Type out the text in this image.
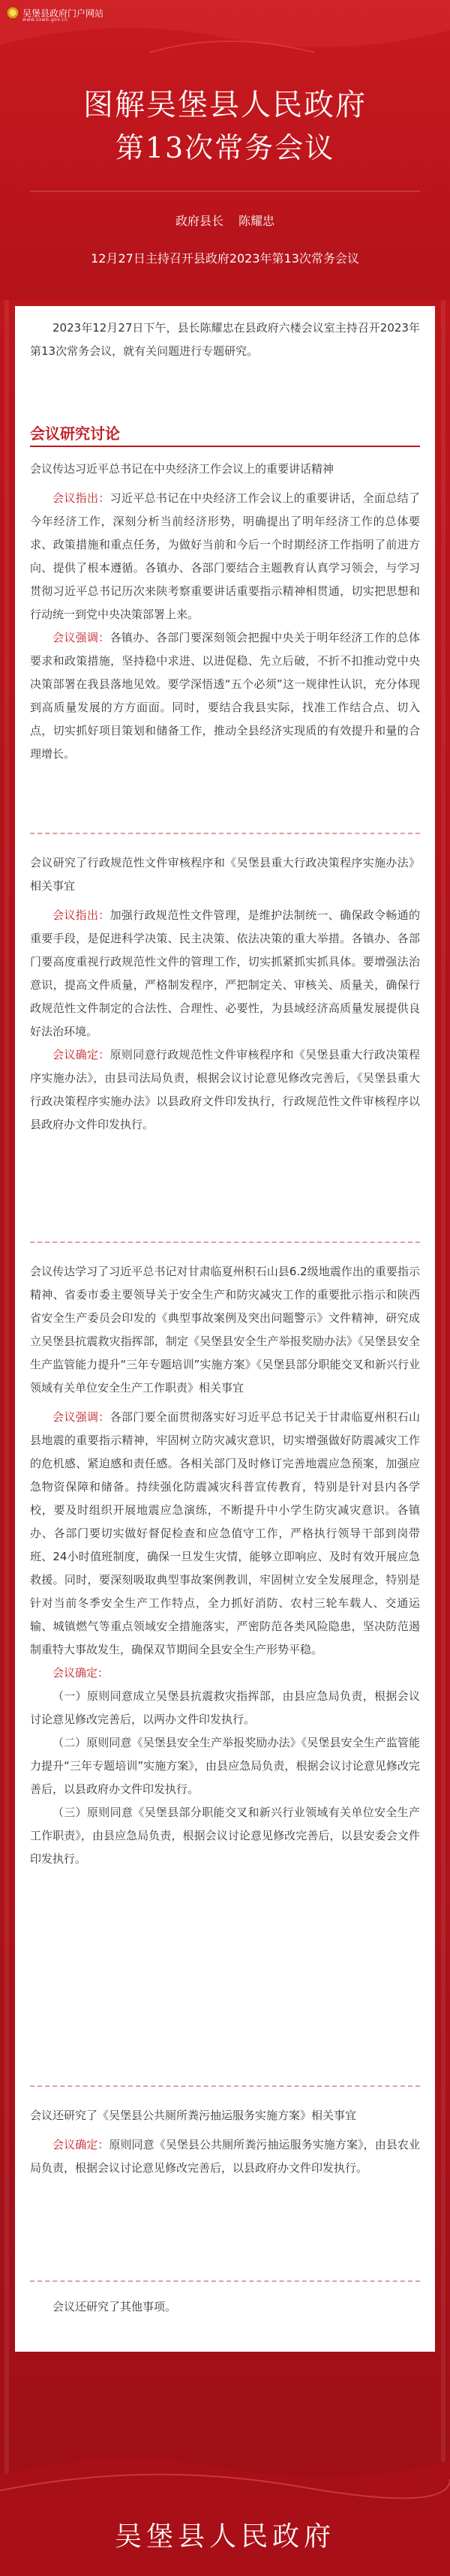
吴堡县政府门户网站
www.sxwb.gov.cn
图解吴堡县人民政府
第13次常务会议
政府县长 陈耀忠
12月27日主持召开县政府2023年第13次常务会议

2023年12月27日下午，县长陈耀忠在县政府六楼会议室主持召开2023年第13次常务会议，就有关问题进行专题研究。

会议研究讨论

会议传达习近平总书记在中央经济工作会议上的重要讲话精神

会议指出：习近平总书记在中央经济工作会议上的重要讲话，全面总结了今年经济工作，深刻分析当前经济形势，明确提出了明年经济工作的总体要求、政策措施和重点任务，为做好当前和今后一个时期经济工作指明了前进方向、提供了根本遵循。各镇办、各部门要结合主题教育认真学习领会，与学习贯彻习近平总书记历次来陕考察重要讲话重要指示精神相贯通，切实把思想和行动统一到党中央决策部署上来。

会议强调：各镇办、各部门要深刻领会把握中央关于明年经济工作的总体要求和政策措施，坚持稳中求进、以进促稳、先立后破，不折不扣推动党中央决策部署在我县落地见效。要学深悟透“五个必须”这一规律性认识，充分体现到高质量发展的方方面面。同时，要结合我县实际，找准工作结合点、切入点，切实抓好项目策划和储备工作，推动全县经济实现质的有效提升和量的合理增长。

会议研究了行政规范性文件审核程序和《吴堡县重大行政决策程序实施办法》相关事宜

会议指出：加强行政规范性文件管理，是维护法制统一、确保政令畅通的重要手段，是促进科学决策、民主决策、依法决策的重大举措。各镇办、各部门要高度重视行政规范性文件的管理工作，切实抓紧抓实抓具体。要增强法治意识，提高文件质量，严格制发程序，严把制定关、审核关、质量关，确保行政规范性文件制定的合法性、合理性、必要性，为县域经济高质量发展提供良好法治环境。

会议确定：原则同意行政规范性文件审核程序和《吴堡县重大行政决策程序实施办法》，由县司法局负责，根据会议讨论意见修改完善后，《吴堡县重大行政决策程序实施办法》以县政府文件印发执行，行政规范性文件审核程序以县政府办文件印发执行。

会议传达学习了习近平总书记对甘肃临夏州积石山县6.2级地震作出的重要指示精神、省委市委主要领导关于安全生产和防灾减灾工作的重要批示指示和陕西省安全生产委员会印发的《典型事故案例及突出问题警示》文件精神，研究成立吴堡县抗震救灾指挥部，制定《吴堡县安全生产举报奖励办法》《吴堡县安全生产监管能力提升“三年专题培训”实施方案》《吴堡县部分职能交叉和新兴行业领域有关单位安全生产工作职责》相关事宜

会议强调：各部门要全面贯彻落实好习近平总书记关于甘肃临夏州积石山县地震的重要指示精神，牢固树立防灾减灾意识，切实增强做好防震减灾工作的危机感、紧迫感和责任感。各相关部门及时修订完善地震应急预案，加强应急物资保障和储备。持续强化防震减灾科普宣传教育，特别是针对县内各学校，要及时组织开展地震应急演练，不断提升中小学生防灾减灾意识。各镇办、各部门要切实做好督促检查和应急值守工作，严格执行领导干部到岗带班、24小时值班制度，确保一旦发生灾情，能够立即响应、及时有效开展应急救援。同时，要深刻吸取典型事故案例教训，牢固树立安全发展理念，特别是针对当前冬季安全生产工作特点，全力抓好消防、农村三轮车载人、交通运输、城镇燃气等重点领域安全措施落实，严密防范各类风险隐患，坚决防范遏制重特大事故发生，确保双节期间全县安全生产形势平稳。

会议确定：

（一）原则同意成立吴堡县抗震救灾指挥部，由县应急局负责，根据会议讨论意见修改完善后，以两办文件印发执行。

（二）原则同意《吴堡县安全生产举报奖励办法》《吴堡县安全生产监管能力提升“三年专题培训”实施方案》，由县应急局负责，根据会议讨论意见修改完善后，以县政府办文件印发执行。

（三）原则同意《吴堡县部分职能交叉和新兴行业领域有关单位安全生产工作职责》，由县应急局负责，根据会议讨论意见修改完善后，以县安委会文件印发执行。

会议还研究了《吴堡县公共厕所粪污抽运服务实施方案》相关事宜

会议确定：原则同意《吴堡县公共厕所粪污抽运服务实施方案》，由县农业局负责，根据会议讨论意见修改完善后，以县政府办文件印发执行。

会议还研究了其他事项。

吴堡县人民政府
